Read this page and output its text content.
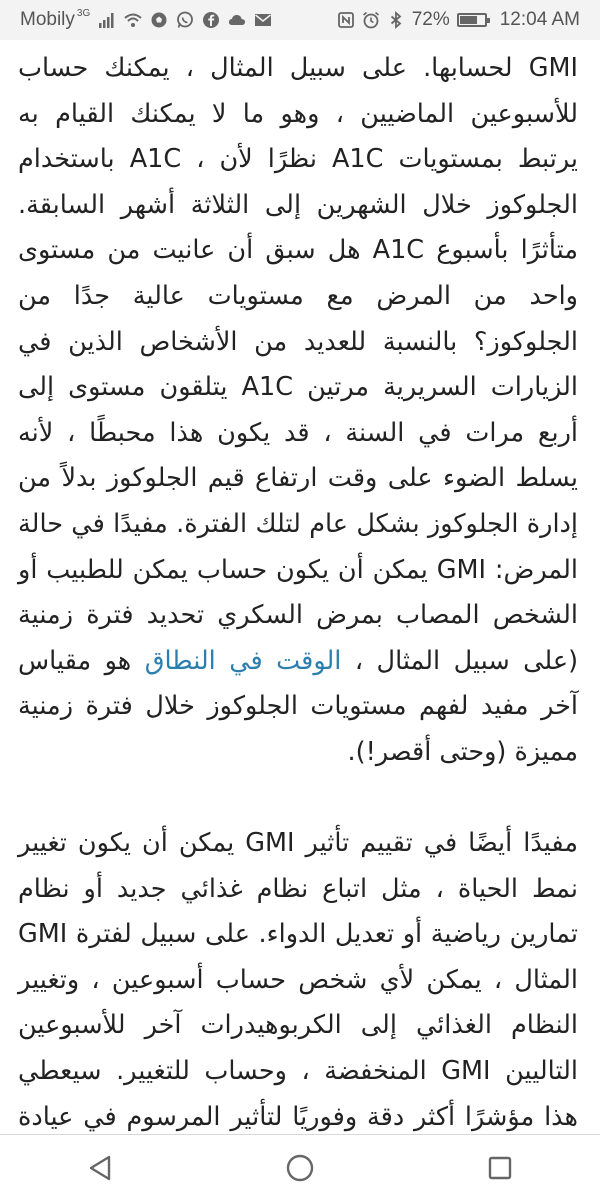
Mobily 3G	72%	12:04 AM

GMI لحسابها. على سبيل المثال ، يمكنك حساب للأسبوعين الماضيين ، وهو ما لا يمكنك القيام به يرتبط بمستويات A1C نظرًا لأن ، A1C باستخدام الجلوكوز خلال الشهرين إلى الثلاثة أشهر السابقة. متأثرًا بأسبوع A1C هل سبق أن عانيت من مستوى واحد من المرض مع مستويات عالية جدًا من الجلوكوز؟ بالنسبة للعديد من الأشخاص الذين في الزيارات السريرية مرتين A1C يتلقون مستوى إلى أربع مرات في السنة ، قد يكون هذا محبطًا ، لأنه يسلط الضوء على وقت ارتفاع قيم الجلوكوز بدلاً من إدارة الجلوكوز بشكل عام لتلك الفترة. مفيدًا في حالة المرض: GMI يمكن أن يكون حساب يمكن للطبيب أو الشخص المصاب بمرض السكري تحديد فترة زمنية (على سبيل المثال ، الوقت في النطاق هو مقياس آخر مفيد لفهم مستويات الجلوكوز خلال فترة زمنية مميزة (وحتى أقصر!).

مفيدًا أيضًا في تقييم تأثير GMI يمكن أن يكون تغيير نمط الحياة ، مثل اتباع نظام غذائي جديد أو نظام تمارين رياضية أو تعديل الدواء. على سبيل لفترة GMI المثال ، يمكن لأي شخص حساب أسبوعين ، وتغيير النظام الغذائي إلى الكربوهيدرات آخر للأسبوعين التاليين GMI المنخفضة ، وحساب للتغيير. سيعطي هذا مؤشرًا أكثر دقة وفوريًا لتأثير المرسوم في عيادة
